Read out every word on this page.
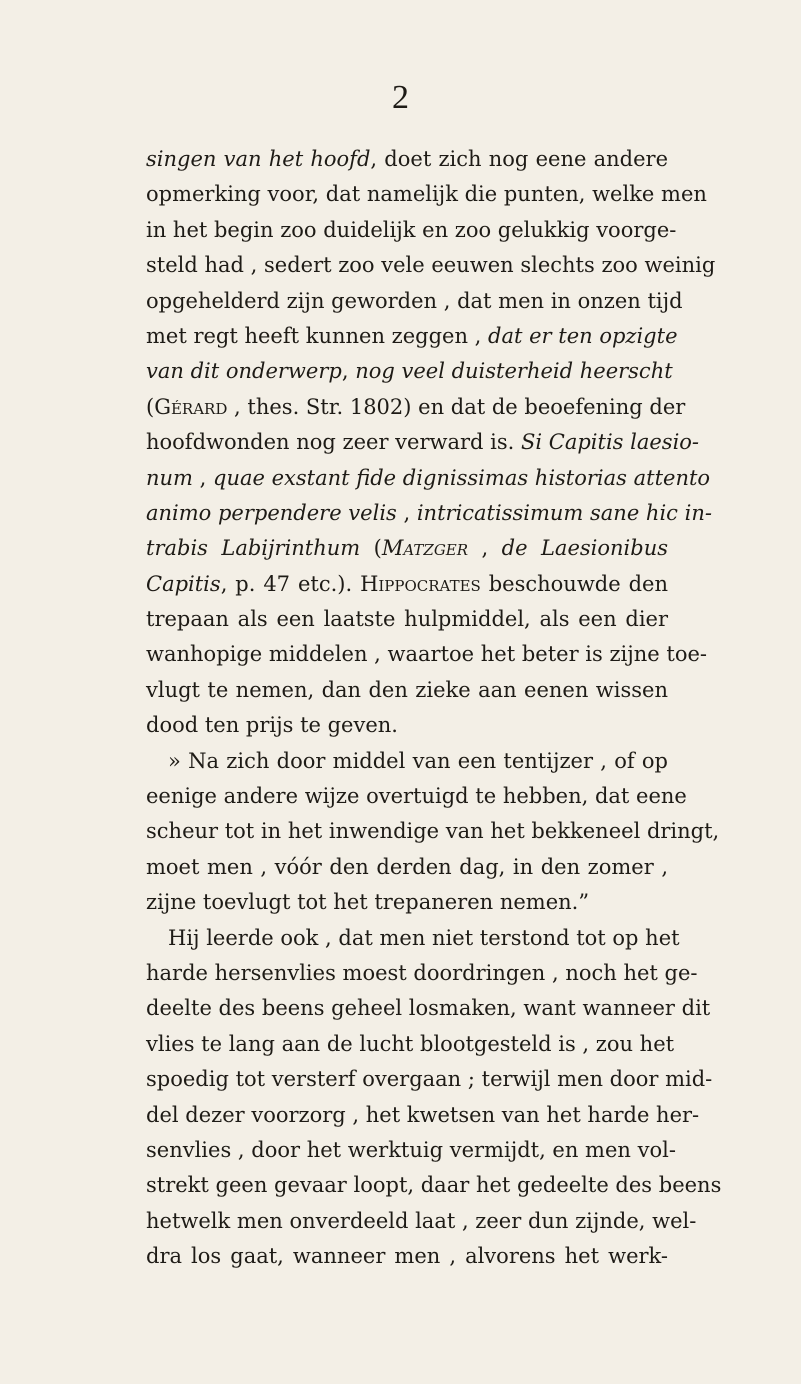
2
singen van het hoofd, doet zich nog eene andere
opmerking voor, dat namelijk die punten, welke men
in het begin zoo duidelijk en zoo gelukkig voorge-
steld had , sedert zoo vele eeuwen slechts zoo weinig
opgehelderd zijn geworden , dat men in onzen tijd
met regt heeft kunnen zeggen , dat er ten opzigte
van dit onderwerp, nog veel duisterheid heerscht
(Gérard , thes. Str. 1802) en dat de beoefening der
hoofdwonden nog zeer verward is. Si Capitis laesio-
num , quae exstant fide dignissimas historias attento
animo perpendere velis , intricatissimum sane hic in-
trabis Labijrinthum (Matzger , de Laesionibus
Capitis, p. 47 etc.). Hippocrates beschouwde den
trepaan als een laatste hulpmiddel, als een dier
wanhopige middelen , waartoe het beter is zijne toe-
vlugt te nemen, dan den zieke aan eenen wissen
dood ten prijs te geven.
» Na zich door middel van een tentijzer , of op
eenige andere wijze overtuigd te hebben, dat eene
scheur tot in het inwendige van het bekkeneel dringt,
moet men , vóór den derden dag, in den zomer ,
zijne toevlugt tot het trepaneren nemen.”
Hij leerde ook , dat men niet terstond tot op het
harde hersenvlies moest doordringen , noch het ge-
deelte des beens geheel losmaken, want wanneer dit
vlies te lang aan de lucht blootgesteld is , zou het
spoedig tot versterf overgaan ; terwijl men door mid-
del dezer voorzorg , het kwetsen van het harde her-
senvlies , door het werktuig vermijdt, en men vol-
strekt geen gevaar loopt, daar het gedeelte des beens
hetwelk men onverdeeld laat , zeer dun zijnde, wel-
dra los gaat, wanneer men , alvorens het werk-
